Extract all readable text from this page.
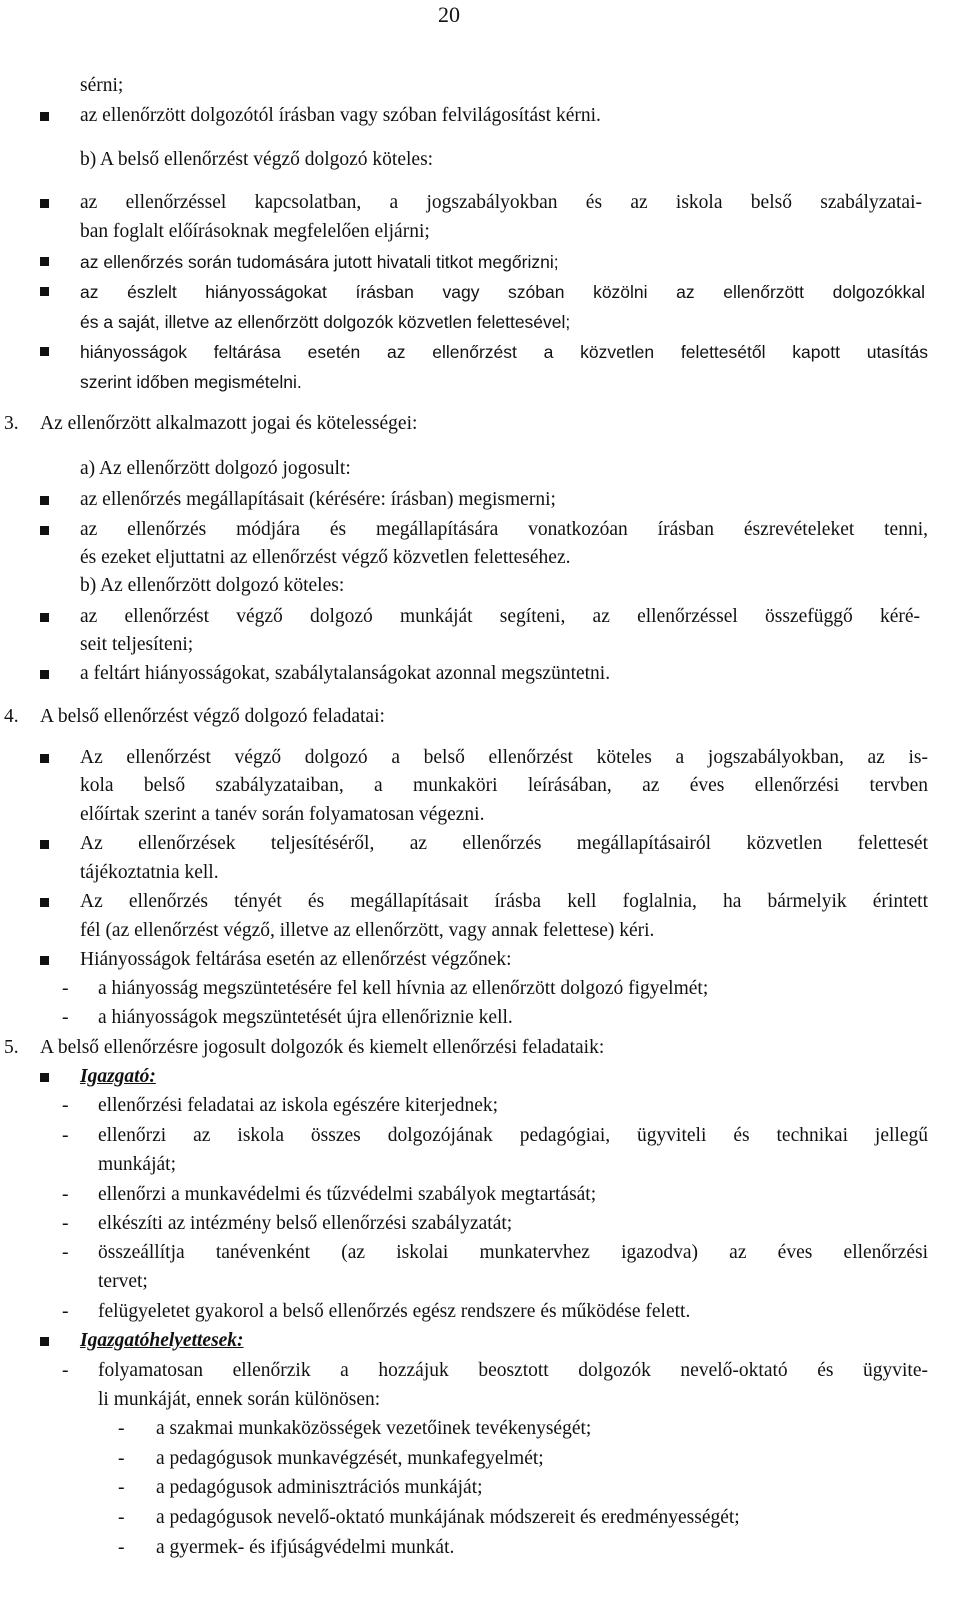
20
sérni;
az ellenőrzött dolgozótól írásban vagy szóban felvilágosítást kérni.
b) A belső ellenőrzést végző dolgozó köteles:
az ellenőrzéssel kapcsolatban, a jogszabályokban és az iskola belső szabályzatai-
ban foglalt előírásoknak megfelelően eljárni;
az ellenőrzés során tudomására jutott hivatali titkot megőrizni;
az észlelt hiányosságokat írásban vagy szóban közölni az ellenőrzött dolgozókkal
és a saját, illetve az ellenőrzött dolgozók közvetlen felettesével;
hiányosságok feltárása esetén az ellenőrzést a közvetlen felettesétől kapott utasítás
szerint időben megismételni.
3. Az ellenőrzött alkalmazott jogai és kötelességei:
a) Az ellenőrzött dolgozó jogosult:
az ellenőrzés megállapításait (kérésére: írásban) megismerni;
az ellenőrzés módjára és megállapítására vonatkozóan írásban észrevételeket tenni,
és ezeket eljuttatni az ellenőrzést végző közvetlen feletteséhez.
b) Az ellenőrzött dolgozó köteles:
az ellenőrzést végző dolgozó munkáját segíteni, az ellenőrzéssel összefüggő kéré-
seit teljesíteni;
a feltárt hiányosságokat, szabálytalanságokat azonnal megszüntetni.
4. A belső ellenőrzést végző dolgozó feladatai:
Az ellenőrzést végző dolgozó a belső ellenőrzést köteles a jogszabályokban, az is-
kola belső szabályzataiban, a munkaköri leírásában, az éves ellenőrzési tervben
előírtak szerint a tanév során folyamatosan végezni.
Az ellenőrzések teljesítéséről, az ellenőrzés megállapításairól közvetlen felettesét
tájékoztatnia kell.
Az ellenőrzés tényét és megállapításait írásba kell foglalnia, ha bármelyik érintett
fél (az ellenőrzést végző, illetve az ellenőrzött, vagy annak felettese) kéri.
Hiányosságok feltárása esetén az ellenőrzést végzőnek:
- a hiányosság megszüntetésére fel kell hívnia az ellenőrzött dolgozó figyelmét;
- a hiányosságok megszüntetését újra ellenőriznie kell.
5. A belső ellenőrzésre jogosult dolgozók és kiemelt ellenőrzési feladataik:
Igazgató:
- ellenőrzési feladatai az iskola egészére kiterjednek;
- ellenőrzi az iskola összes dolgozójának pedagógiai, ügyviteli és technikai jellegű
munkáját;
- ellenőrzi a munkavédelmi és tűzvédelmi szabályok megtartását;
- elkészíti az intézmény belső ellenőrzési szabályzatát;
- összeállítja tanévenként (az iskolai munkatervhez igazodva) az éves ellenőrzési
tervet;
- felügyeletet gyakorol a belső ellenőrzés egész rendszere és működése felett.
Igazgatóhelyettesek:
- folyamatosan ellenőrzik a hozzájuk beosztott dolgozók nevelő-oktató és ügyvite-
li munkáját, ennek során különösen:
- a szakmai munkaközösségek vezetőinek tevékenységét;
- a pedagógusok munkavégzését, munkafegyelmét;
- a pedagógusok adminisztrációs munkáját;
- a pedagógusok nevelő-oktató munkájának módszereit és eredményességét;
- a gyermek- és ifjúságvédelmi munkát.
